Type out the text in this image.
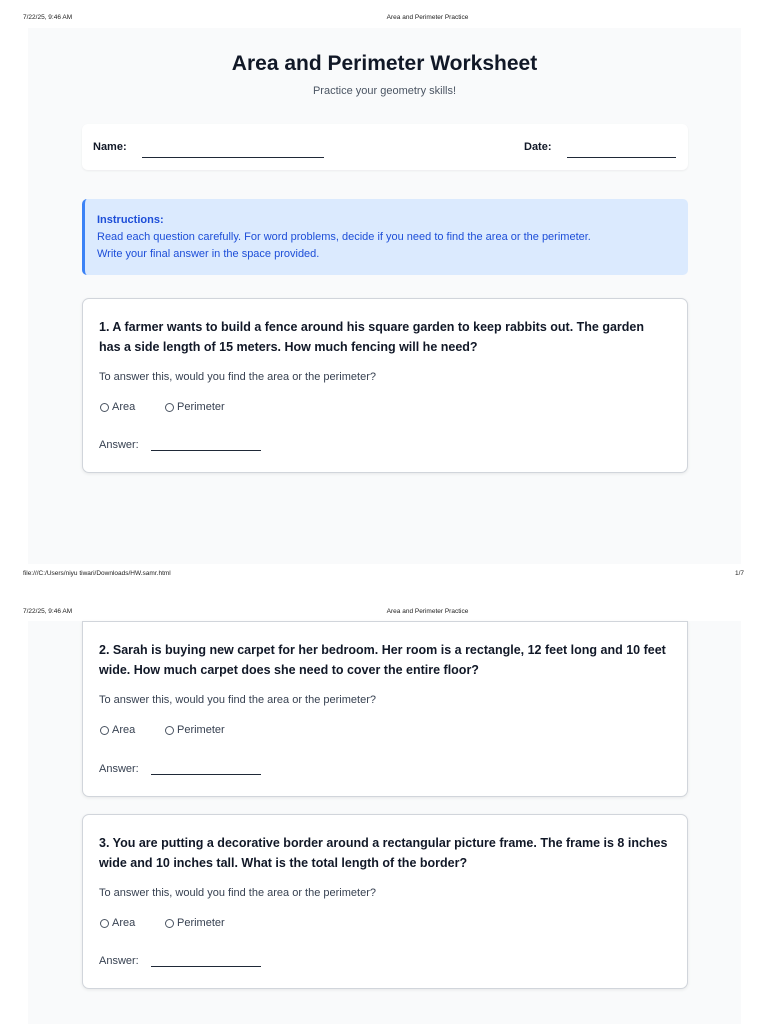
7/22/25, 9:46 AM	Area and Perimeter Practice
Area and Perimeter Worksheet
Practice your geometry skills!
Name:	Date:
Instructions:
Read each question carefully. For word problems, decide if you need to find the area or the perimeter.
Write your final answer in the space provided.
1. A farmer wants to build a fence around his square garden to keep rabbits out. The garden has a side length of 15 meters. How much fencing will he need?
To answer this, would you find the area or the perimeter?
Area	Perimeter
Answer:
file:///C:/Users/niyu tiwari/Downloads/HW.samr.html	1/7
7/22/25, 9:46 AM	Area and Perimeter Practice
2. Sarah is buying new carpet for her bedroom. Her room is a rectangle, 12 feet long and 10 feet wide. How much carpet does she need to cover the entire floor?
To answer this, would you find the area or the perimeter?
Area	Perimeter
Answer:
3. You are putting a decorative border around a rectangular picture frame. The frame is 8 inches wide and 10 inches tall. What is the total length of the border?
To answer this, would you find the area or the perimeter?
Area	Perimeter
Answer:
